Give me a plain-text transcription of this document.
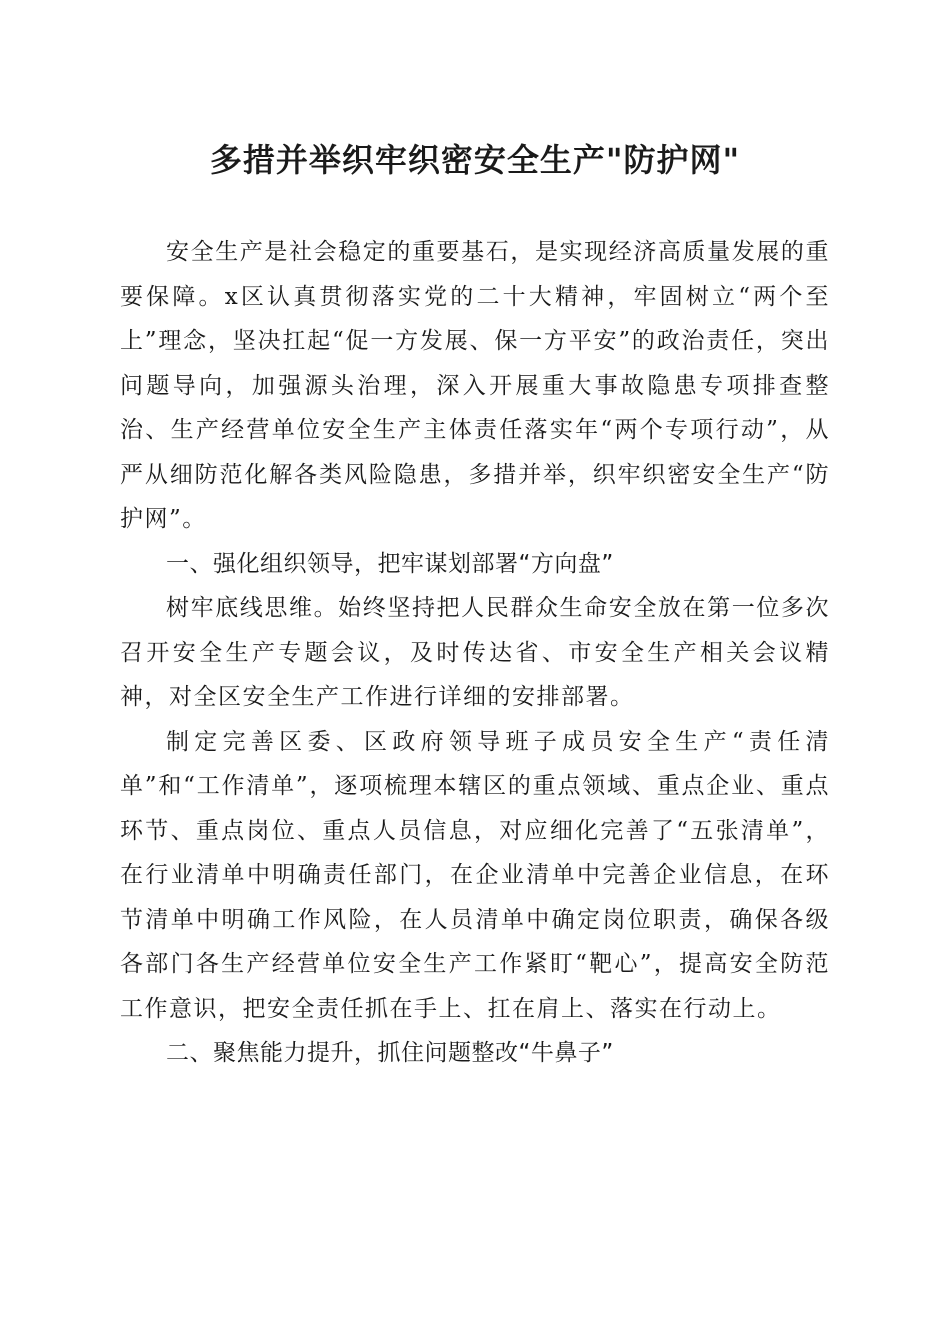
多措并举织牢织密安全生产"防护网"

安全生产是社会稳定的重要基石，是实现经济高质量发展的重要保障。x区认真贯彻落实党的二十大精神，牢固树立“两个至上”理念，坚决扛起“促一方发展、保一方平安”的政治责任，突出问题导向，加强源头治理，深入开展重大事故隐患专项排查整治、生产经营单位安全生产主体责任落实年“两个专项行动”，从严从细防范化解各类风险隐患，多措并举，织牢织密安全生产“防护网”。

一、强化组织领导，把牢谋划部署“方向盘”

树牢底线思维。始终坚持把人民群众生命安全放在第一位多次召开安全生产专题会议，及时传达省、市安全生产相关会议精神，对全区安全生产工作进行详细的安排部署。

制定完善区委、区政府领导班子成员安全生产“责任清单”和“工作清单”，逐项梳理本辖区的重点领域、重点企业、重点环节、重点岗位、重点人员信息，对应细化完善了“五张清单”，在行业清单中明确责任部门，在企业清单中完善企业信息，在环节清单中明确工作风险，在人员清单中确定岗位职责，确保各级各部门各生产经营单位安全生产工作紧盯“靶心”，提高安全防范工作意识，把安全责任抓在手上、扛在肩上、落实在行动上。

二、聚焦能力提升，抓住问题整改“牛鼻子”
